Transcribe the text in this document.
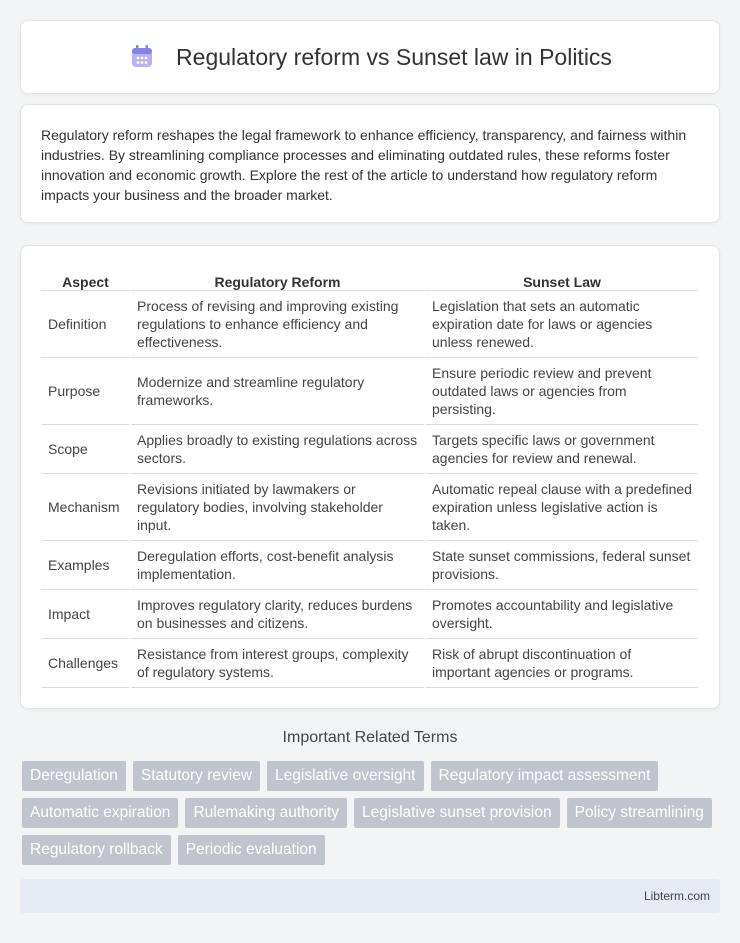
Regulatory reform vs Sunset law in Politics

Regulatory reform reshapes the legal framework to enhance efficiency, transparency, and fairness within industries. By streamlining compliance processes and eliminating outdated rules, these reforms foster innovation and economic growth. Explore the rest of the article to understand how regulatory reform impacts your business and the broader market.

Aspect	Regulatory Reform	Sunset Law
Definition	Process of revising and improving existing regulations to enhance efficiency and effectiveness.	Legislation that sets an automatic expiration date for laws or agencies unless renewed.
Purpose	Modernize and streamline regulatory frameworks.	Ensure periodic review and prevent outdated laws or agencies from persisting.
Scope	Applies broadly to existing regulations across sectors.	Targets specific laws or government agencies for review and renewal.
Mechanism	Revisions initiated by lawmakers or regulatory bodies, involving stakeholder input.	Automatic repeal clause with a predefined expiration unless legislative action is taken.
Examples	Deregulation efforts, cost-benefit analysis implementation.	State sunset commissions, federal sunset provisions.
Impact	Improves regulatory clarity, reduces burdens on businesses and citizens.	Promotes accountability and legislative oversight.
Challenges	Resistance from interest groups, complexity of regulatory systems.	Risk of abrupt discontinuation of important agencies or programs.
Important Related Terms
Deregulation	Statutory review	Legislative oversight	Regulatory impact assessment
Automatic expiration	Rulemaking authority	Legislative sunset provision	Policy streamlining
Regulatory rollback	Periodic evaluation
Libterm.com
